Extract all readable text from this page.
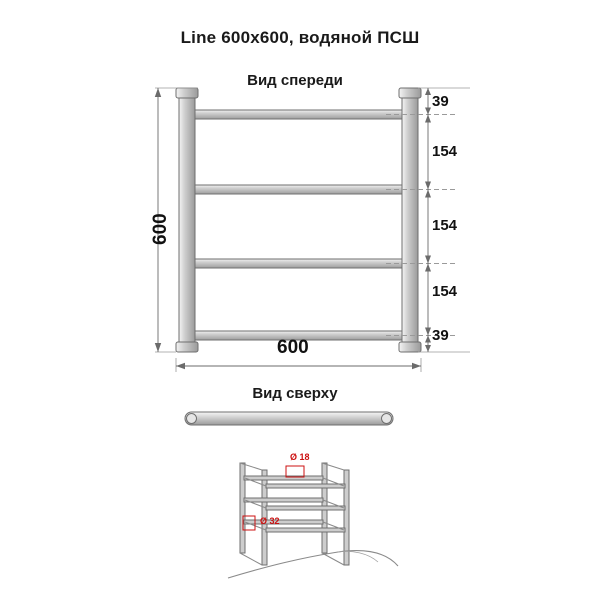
Line 600x600, водяной ПСШ
Вид спереди
Вид сверху
600
600
39
154
154
154
39
Ø 18
Ø 32
